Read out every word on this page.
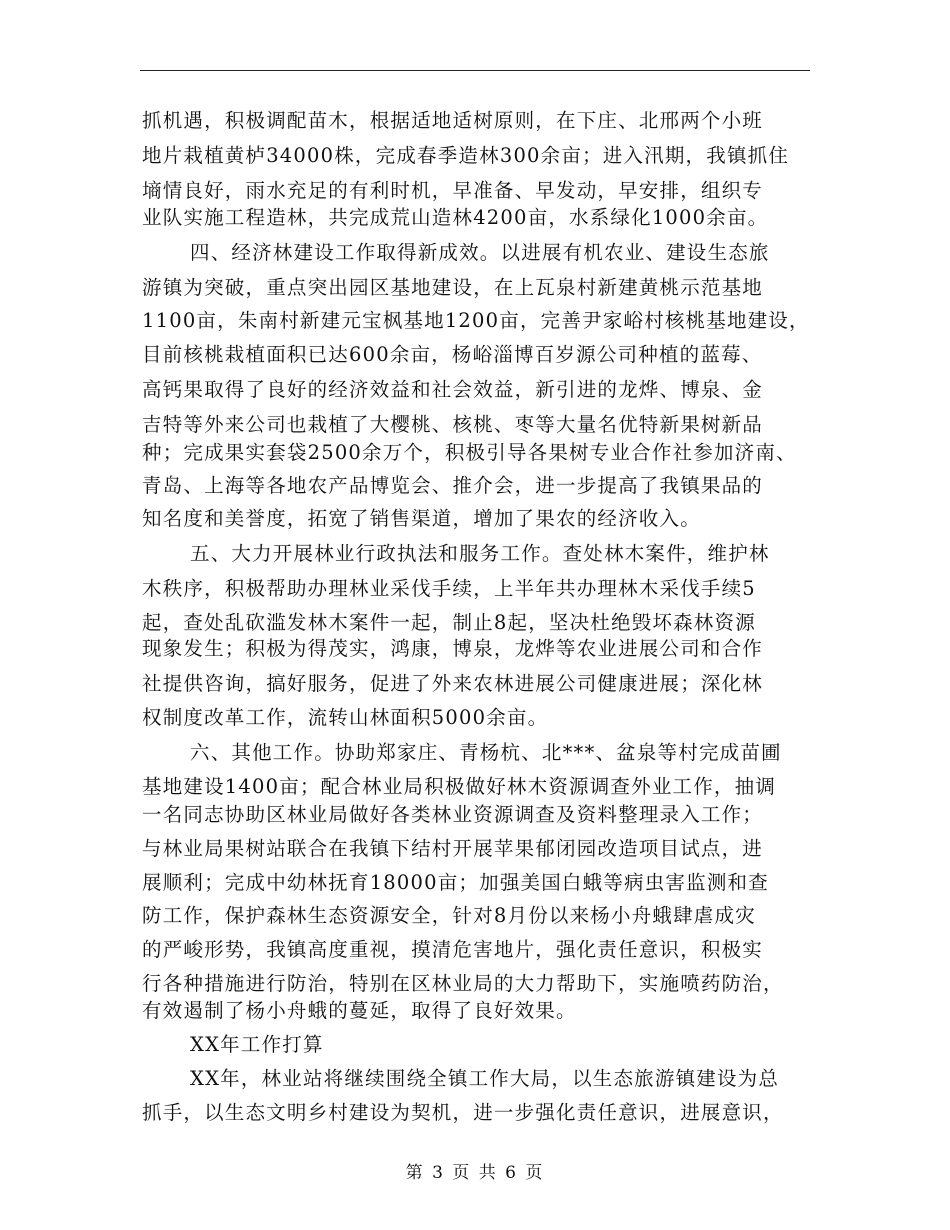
抓机遇，积极调配苗木，根据适地适树原则，在下庄、北邢两个小班
地片栽植黄栌34000株，完成春季造林300余亩；进入汛期，我镇抓住
墒情良好，雨水充足的有利时机，早准备、早发动，早安排，组织专
业队实施工程造林，共完成荒山造林4200亩，水系绿化1000余亩。
四、经济林建设工作取得新成效。以进展有机农业、建设生态旅
游镇为突破，重点突出园区基地建设，在上瓦泉村新建黄桃示范基地
1100亩，朱南村新建元宝枫基地1200亩，完善尹家峪村核桃基地建设，
目前核桃栽植面积已达600余亩，杨峪淄博百岁源公司种植的蓝莓、
高钙果取得了良好的经济效益和社会效益，新引进的龙烨、博泉、金
吉特等外来公司也栽植了大樱桃、核桃、枣等大量名优特新果树新品
种；完成果实套袋2500余万个，积极引导各果树专业合作社参加济南、
青岛、上海等各地农产品博览会、推介会，进一步提高了我镇果品的
知名度和美誉度，拓宽了销售渠道，增加了果农的经济收入。
五、大力开展林业行政执法和服务工作。查处林木案件，维护林
木秩序，积极帮助办理林业采伐手续，上半年共办理林木采伐手续5
起，查处乱砍滥发林木案件一起，制止8起，坚决杜绝毁坏森林资源
现象发生；积极为得茂实，鸿康，博泉，龙烨等农业进展公司和合作
社提供咨询，搞好服务，促进了外来农林进展公司健康进展；深化林
权制度改革工作，流转山林面积5000余亩。
六、其他工作。协助郑家庄、青杨杭、北***、盆泉等村完成苗圃
基地建设1400亩；配合林业局积极做好林木资源调查外业工作，抽调
一名同志协助区林业局做好各类林业资源调查及资料整理录入工作；
与林业局果树站联合在我镇下结村开展苹果郁闭园改造项目试点，进
展顺利；完成中幼林抚育18000亩；加强美国白蛾等病虫害监测和查
防工作，保护森林生态资源安全，针对8月份以来杨小舟蛾肆虐成灾
的严峻形势，我镇高度重视，摸清危害地片，强化责任意识，积极实
行各种措施进行防治，特别在区林业局的大力帮助下，实施喷药防治，
有效遏制了杨小舟蛾的蔓延，取得了良好效果。
XX年工作打算
XX年，林业站将继续围绕全镇工作大局，以生态旅游镇建设为总
抓手，以生态文明乡村建设为契机，进一步强化责任意识，进展意识，
第 3 页 共 6 页
